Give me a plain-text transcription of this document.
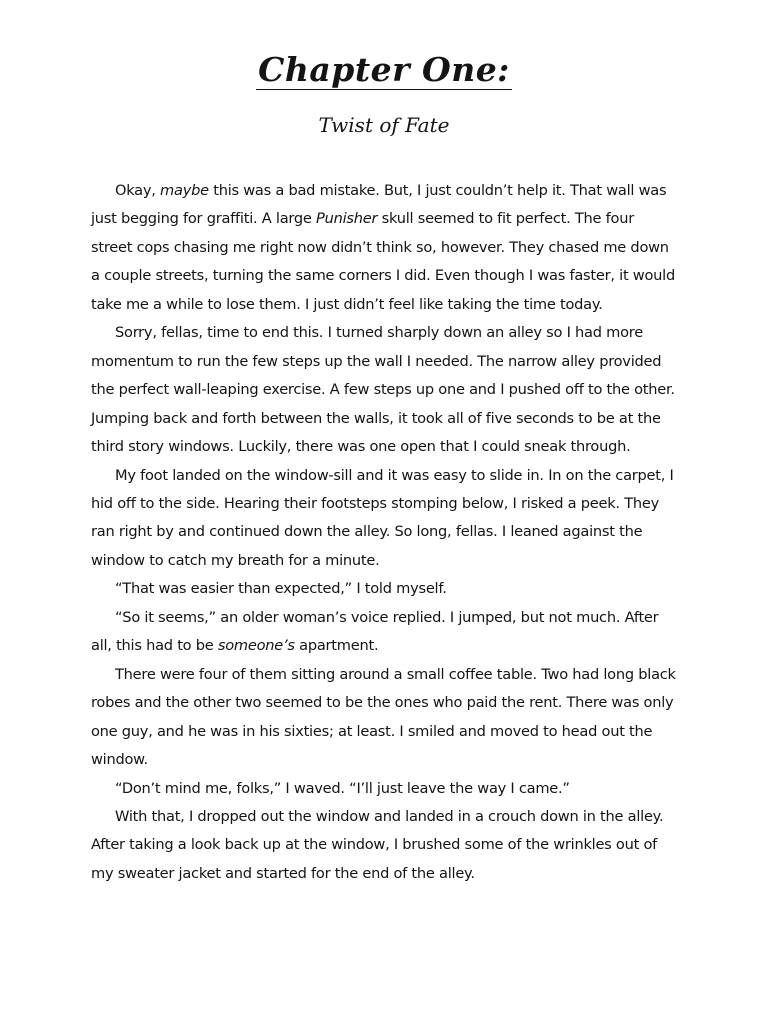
Chapter One:
Twist of Fate

Okay, maybe this was a bad mistake. But, I just couldn’t help it. That wall was just begging for graffiti. A large Punisher skull seemed to fit perfect. The four street cops chasing me right now didn’t think so, however. They chased me down a couple streets, turning the same corners I did. Even though I was faster, it would take me a while to lose them. I just didn’t feel like taking the time today.

Sorry, fellas, time to end this. I turned sharply down an alley so I had more momentum to run the few steps up the wall I needed. The narrow alley provided the perfect wall-leaping exercise. A few steps up one and I pushed off to the other. Jumping back and forth between the walls, it took all of five seconds to be at the third story windows. Luckily, there was one open that I could sneak through.

My foot landed on the window-sill and it was easy to slide in. In on the carpet, I hid off to the side. Hearing their footsteps stomping below, I risked a peek. They ran right by and continued down the alley. So long, fellas. I leaned against the window to catch my breath for a minute.

“That was easier than expected,” I told myself.

“So it seems,” an older woman’s voice replied. I jumped, but not much. After all, this had to be someone’s apartment.

There were four of them sitting around a small coffee table. Two had long black robes and the other two seemed to be the ones who paid the rent. There was only one guy, and he was in his sixties; at least. I smiled and moved to head out the window.

“Don’t mind me, folks,” I waved. “I’ll just leave the way I came.”

With that, I dropped out the window and landed in a crouch down in the alley. After taking a look back up at the window, I brushed some of the wrinkles out of my sweater jacket and started for the end of the alley.
